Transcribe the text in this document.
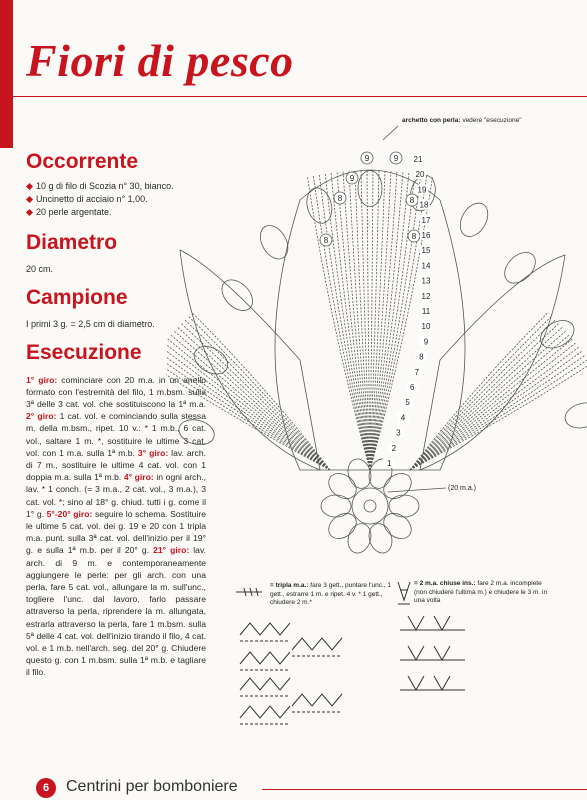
Fiori di pesco
Occorrente
10 g di filo di Scozia n° 30, bianco.
Uncinetto di acciaio n° 1,00.
20 perle argentate.
Diametro

20 cm.

Campione

I primi 3 g. = 2,5 cm di diametro.

Esecuzione

1° giro: cominciare con 20 m.a. in un anello formato con l'estremità del filo, 1 m.bsm. sulla 3ª delle 3 cat. vol. che sostituiscono la 1ª m.a. 2° giro: 1 cat. vol. e cominciando sulla stessa m. della m.bsm., ripet. 10 v.: * 1 m.b., 6 cat. vol., saltare 1 m. *, sostituire le ultime 3 cat. vol. con 1 m.a. sulla 1ª m.b. 3° giro: lav. arch. di 7 m., sostituire le ultime 4 cat. vol. con 1 doppia m.a. sulla 1ª m.b. 4° giro: in ogni arch., lav. * 1 conch. (= 3 m.a., 2 cat. vol., 3 m.a.), 3 cat. vol. *; sino al 18° g. chiud. tutti i g. come il 1° g. 5°-20° giro: seguire lo schema. Sostituire le ultime 5 cat. vol. dei g. 19 e 20 con 1 tripla m.a. punt. sulla 3ª cat. vol. dell'inizio per il 19° g. e sulla 1ª m.b. per il 20° g. 21° giro: lav. arch. di 9 m. e contemporaneamente aggiungere le perle: per gli arch. con una perla, fare 5 cat. vol., allungare la m. sull'unc., togliere l'unc. dal lavoro, farlo passare attraverso la perla, riprendere la m. allungata, estrarla attraverso la perla, fare 1 m.bsm. sulla 5ª delle 4 cat. vol. dell'inizio tirando il filo, 4 cat. vol. e 1 m.b. nell'arch. seg. del 20° g. Chiudere questo g. con 1 m.bsm. sulla 1ª m.b. e tagliare il filo.

archetto con perla: vedere "esecuzione"
(20 m.a.)
9	9
9
8	8
8	8
21
20
19
18
17
16
15
14
13
12
11
10
9
8
7
6
5
4
3
2
1
= tripla m.a.: fare 3 gett., puntare l'unc., 1 gett., estrarre 1 m. e ripet. 4 v. * 1 gett., chiudere 2 m.*
= 2 m.a. chiuse ins.: fare 2 m.a. incomplete (non chiudere l'ultima m.) e chiudere le 3 m. in una volta
6	Centrini per bomboniere
